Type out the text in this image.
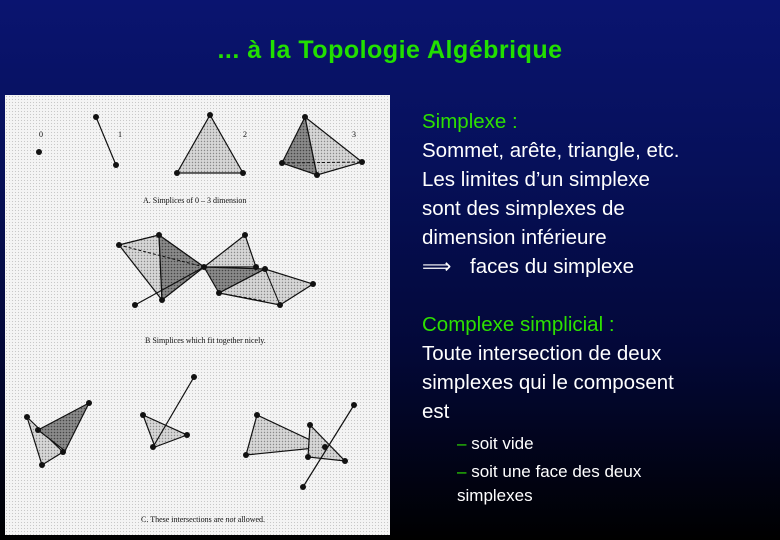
... à la Topologie Algébrique
0	1	2	3
A. Simplices of 0 – 3 dimension
B Simplices which fit together nicely.
C. These intersections are not allowed.
Simplexe :
Sommet, arête, triangle, etc.
Les limites d’un simplexe
sont des simplexes de
dimension inférieure
⟹ faces du simplexe
Complexe simplicial :
Toute intersection de deux
simplexes qui le composent
est
– soit vide
– soit une face des deux simplexes
